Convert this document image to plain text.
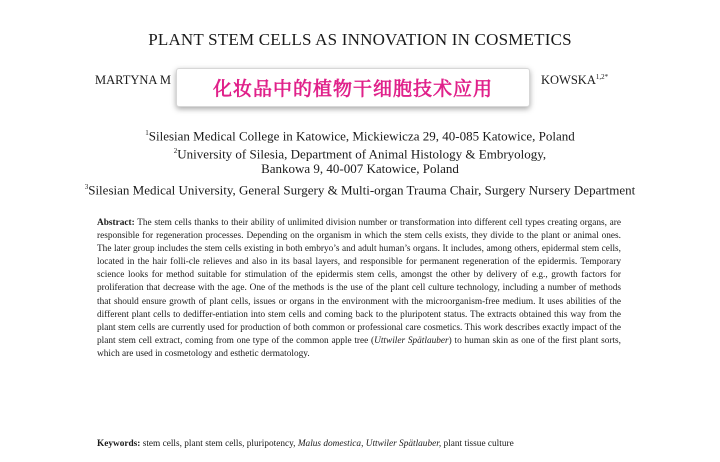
PLANT STEM CELLS AS INNOVATION IN COSMETICS
MARTYNA M	$KOWSKA^{1,2*}$
化妆品中的植物干细胞技术应用
$^1$Silesian Medical College in Katowice, Mickiewicza 29, 40-085 Katowice, Poland
$^2$University of Silesia, Department of Animal Histology & Embryology,
Bankowa 9, 40-007 Katowice, Poland
$^3$Silesian Medical University, General Surgery & Multi-organ Trauma Chair, Surgery Nursery Department
Abstract: The stem cells thanks to their ability of unlimited division number or transformation into different cell types creating organs, are responsible for regeneration processes. Depending on the organism in which the stem cells exists, they divide to the plant or animal ones. The later group includes the stem cells existing in both embryo’s and adult human’s organs. It includes, among others, epidermal stem cells, located in the hair folli-cle relieves and also in its basal layers, and responsible for permanent regeneration of the epidermis. Temporary science looks for method suitable for stimulation of the epidermis stem cells, amongst the other by delivery of e.g., growth factors for proliferation that decrease with the age. One of the methods is the use of the plant cell culture technology, including a number of methods that should ensure growth of plant cells, issues or organs in the environment with the microorganism-free medium. It uses abilities of the different plant cells to dediffer-entiation into stem cells and coming back to the pluripotent status. The extracts obtained this way from the plant stem cells are currently used for production of both common or professional care cosmetics. This work describes exactly impact of the plant stem cell extract, coming from one type of the common apple tree (Uttwiler Spätlauber) to human skin as one of the first plant sorts, which are used in cosmetology and esthetic dermatology.
Keywords: stem cells, plant stem cells, pluripotency, Malus domestica, Uttwiler Spätlauber, plant tissue culture
